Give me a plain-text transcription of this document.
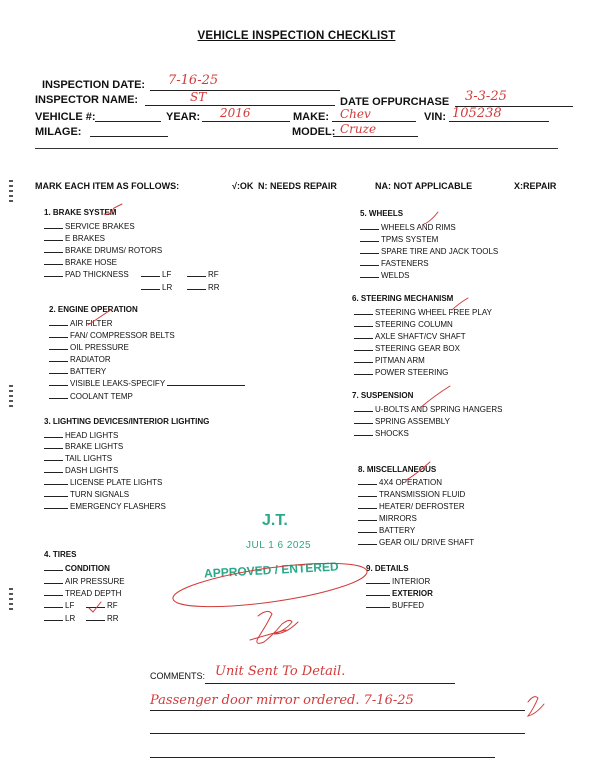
VEHICLE INSPECTION CHECKLIST
INSPECTION DATE: 7-16-25
INSPECTOR NAME:	ST	DATE OFPURCHASE 3-3-25
VEHICLE #:	YEAR: 2016	MAKE: Chev	VIN: 105238
MILAGE:	MODEL: Cruze
MARK EACH ITEM AS FOLLOWS:	√:OK N: NEEDS REPAIR	NA: NOT APPLICABLE	X:REPAIR
1. BRAKE SYSTEM
SERVICE BRAKES
E BRAKES
BRAKE DRUMS/ ROTORS
BRAKE HOSE
PAD THICKNESS	LF	RF
LR	RR
2. ENGINE OPERATION
AIR FILTER
FAN/ COMPRESSOR BELTS
OIL PRESSURE
RADIATOR
BATTERY
VISIBLE LEAKS-SPECIFY
COOLANT TEMP
3. LIGHTING DEVICES/INTERIOR LIGHTING
HEAD LIGHTS
BRAKE LIGHTS
TAIL LIGHTS
DASH LIGHTS
LICENSE PLATE LIGHTS
TURN SIGNALS
EMERGENCY FLASHERS
4. TIRES
CONDITION
AIR PRESSURE
TREAD DEPTH
LF	RF
LR	RR
5. WHEELS
WHEELS AND RIMS
TPMS SYSTEM
SPARE TIRE AND JACK TOOLS
FASTENERS
WELDS
6. STEERING MECHANISM
STEERING WHEEL FREE PLAY
STEERING COLUMN
AXLE SHAFT/CV SHAFT
STEERING GEAR BOX
PITMAN ARM
POWER STEERING
7. SUSPENSION
U-BOLTS AND SPRING HANGERS
SPRING ASSEMBLY
SHOCKS
8. MISCELLANEOUS
4X4 OPERATION
TRANSMISSION FLUID
HEATER/ DEFROSTER
MIRRORS
BATTERY
GEAR OIL/ DRIVE SHAFT
9. DETAILS
INTERIOR
EXTERIOR
BUFFED
J.T.
JUL 1 6 2025
APPROVED / ENTERED
COMMENTS: Unit Sent To Detail.
Passenger door mirror ordered. 7-16-25
